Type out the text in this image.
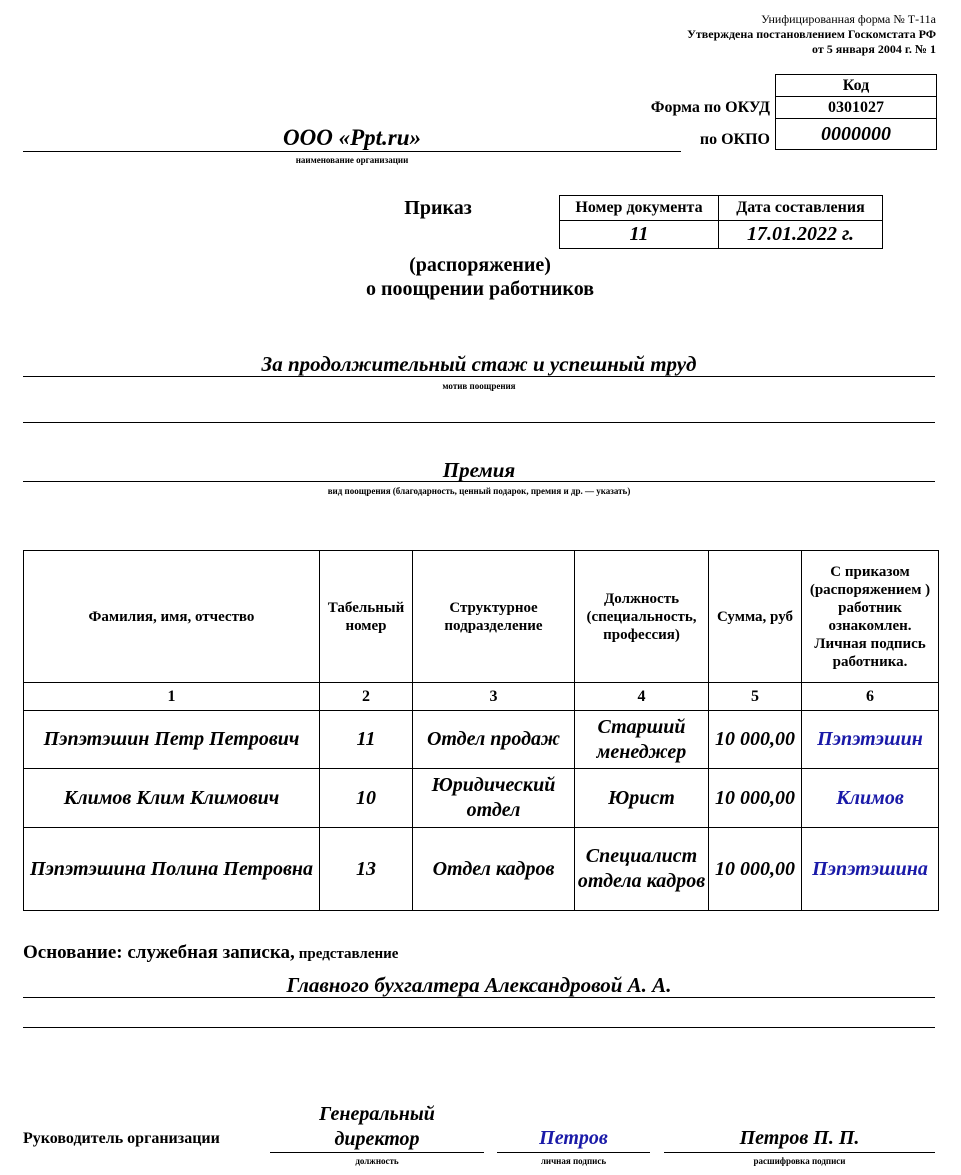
Унифицированная форма № Т-11а
Утверждена постановлением Госкомстата РФ
от 5 января 2004 г. № 1
Код
0301027
0000000
Форма по ОКУД
по ОКПО
ООО «Ppt.ru»
наименование организации
Приказ	Номер документа	Дата составления
11	17.01.2022 г.
(распоряжение)
о поощрении работников
За продолжительный стаж и успешный труд
мотив поощрения
Премия
вид поощрения (благодарность, ценный подарок, премия и др. — указать)
Фамилия, имя, отчество	Табельный номер	Структурное подразделение	Должность (специальность, профессия)	Сумма, руб	С приказом (распоряжением ) работник ознакомлен. Личная подпись работника.
1	2	3	4	5	6
Пэпэтэшин Петр Петрович	11	Отдел продаж	Старший менеджер	10 000,00	Пэпэтэшин
Климов Клим Климович	10	Юридический отдел	Юрист	10 000,00	Климов
Пэпэтэшина Полина Петровна	13	Отдел кадров	Специалист отдела кадров	10 000,00	Пэпэтэшина
Основание: служебная записка, представление
Главного бухгалтера Александровой А. А.
Руководитель организации
Генеральный
директор
должность
Петров
личная подпись
Петров П. П.
расшифровка подписи
